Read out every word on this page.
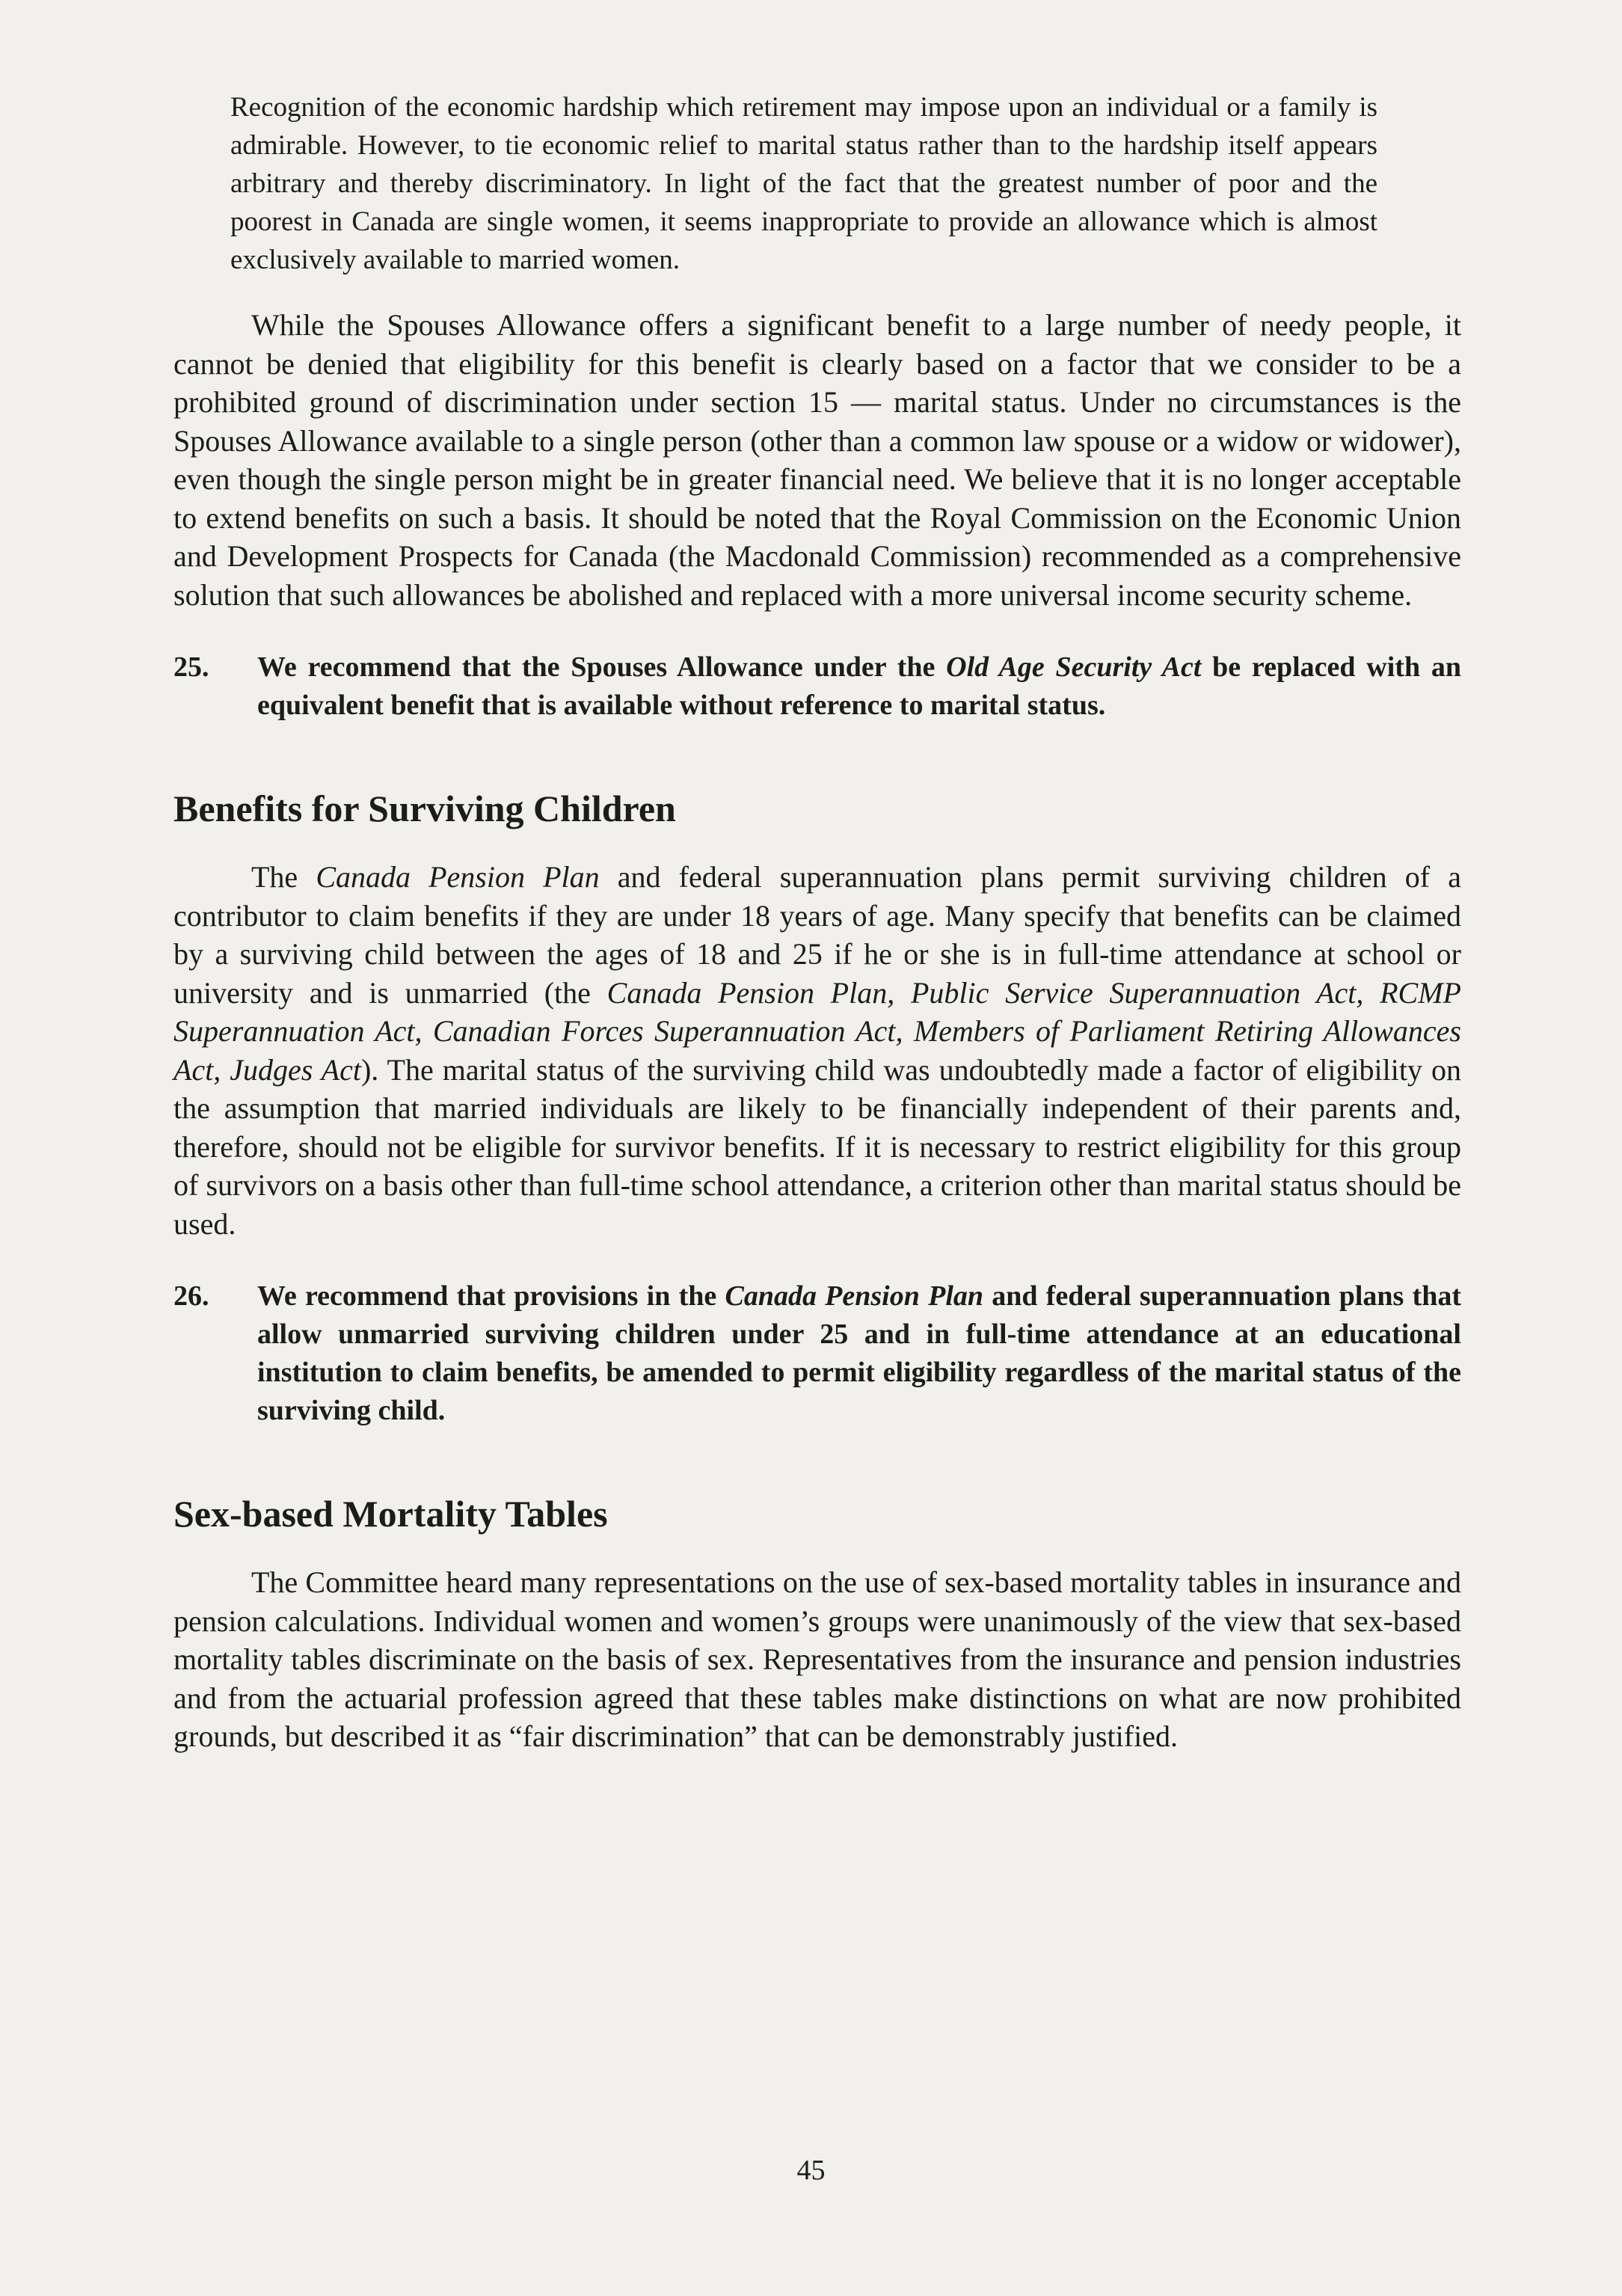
Recognition of the economic hardship which retirement may impose upon an individual or a family is admirable. However, to tie economic relief to marital status rather than to the hardship itself appears arbitrary and thereby discriminatory. In light of the fact that the greatest number of poor and the poorest in Canada are single women, it seems inappropriate to provide an allowance which is almost exclusively available to married women.

While the Spouses Allowance offers a significant benefit to a large number of needy people, it cannot be denied that eligibility for this benefit is clearly based on a factor that we consider to be a prohibited ground of discrimination under section 15 — marital status. Under no circumstances is the Spouses Allowance available to a single person (other than a common law spouse or a widow or widower), even though the single person might be in greater financial need. We believe that it is no longer acceptable to extend benefits on such a basis. It should be noted that the Royal Commission on the Economic Union and Development Prospects for Canada (the Macdonald Commission) recommended as a comprehensive solution that such allowances be abolished and replaced with a more universal income security scheme.

25.	We recommend that the Spouses Allowance under the Old Age Security Act be replaced with an equivalent benefit that is available without reference to marital status.
Benefits for Surviving Children

The Canada Pension Plan and federal superannuation plans permit surviving children of a contributor to claim benefits if they are under 18 years of age. Many specify that benefits can be claimed by a surviving child between the ages of 18 and 25 if he or she is in full-time attendance at school or university and is unmarried (the Canada Pension Plan, Public Service Superannuation Act, RCMP Superannuation Act, Canadian Forces Superannuation Act, Members of Parliament Retiring Allowances Act, Judges Act). The marital status of the surviving child was undoubtedly made a factor of eligibility on the assumption that married individuals are likely to be financially independent of their parents and, therefore, should not be eligible for survivor benefits. If it is necessary to restrict eligibility for this group of survivors on a basis other than full-time school attendance, a criterion other than marital status should be used.

26.	We recommend that provisions in the Canada Pension Plan and federal superannuation plans that allow unmarried surviving children under 25 and in full-time attendance at an educational institution to claim benefits, be amended to permit eligibility regardless of the marital status of the surviving child.
Sex-based Mortality Tables

The Committee heard many representations on the use of sex-based mortality tables in insurance and pension calculations. Individual women and women’s groups were unanimously of the view that sex-based mortality tables discriminate on the basis of sex. Representatives from the insurance and pension industries and from the actuarial profession agreed that these tables make distinctions on what are now prohibited grounds, but described it as “fair discrimination” that can be demonstrably justified.

45
